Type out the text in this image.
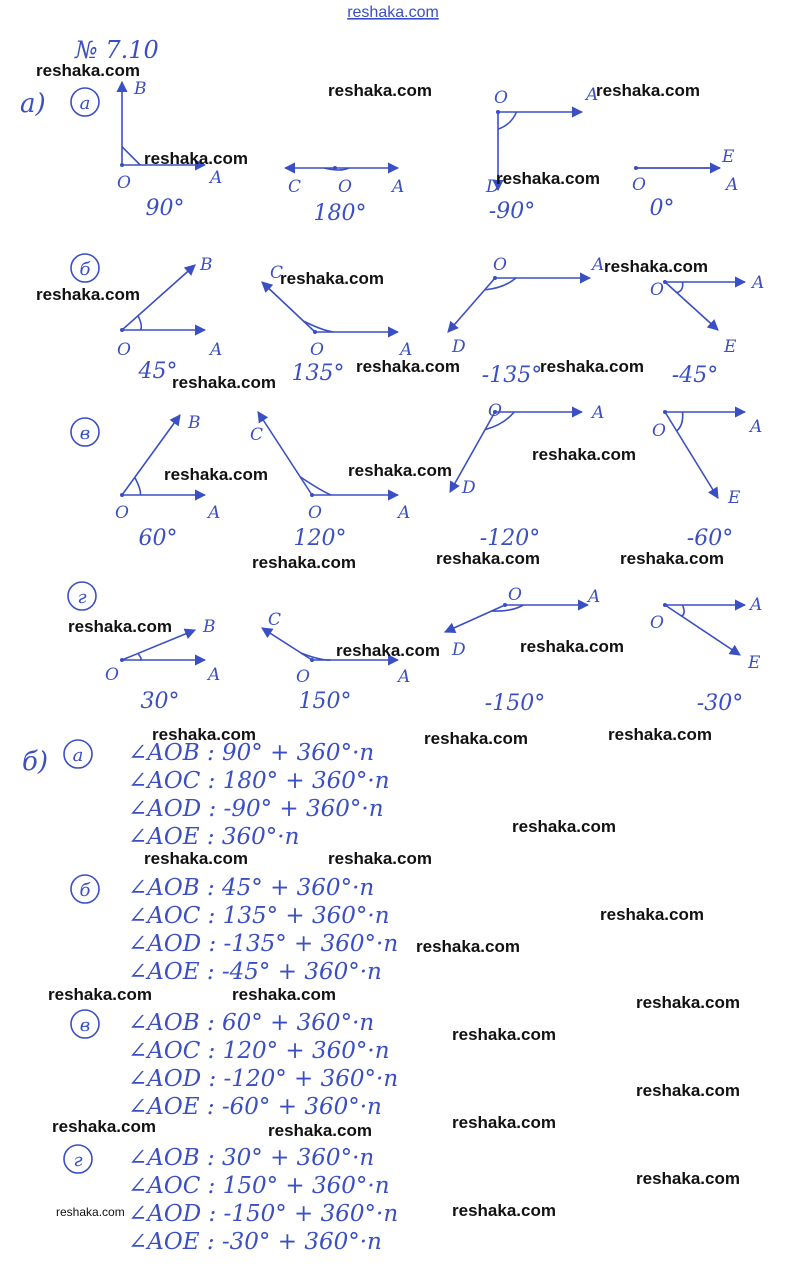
reshaka.com
№ 7.10
а)
б)
а
A
O
B
90°
A
O
C
180°
A
O
D
-90°
A
O
E
0°
б
A
O
B
45°
A
O
C
135°
A
O
D
-135°
A
O
E
-45°
в
A
O
B
60°
A
O
C
120°
A
O
D
-120°
A
O
E
-60°
г
A
O
B
30°
A
O
C
150°
A
O
D
-150°
A
O
E
-30°
а ∠AOB : 90° + 360°·n
∠AOC : 180° + 360°·n
∠AOD : -90° + 360°·n
∠AOE : 360°·n
б ∠AOB : 45° + 360°·n
∠AOC : 135° + 360°·n
∠AOD : -135° + 360°·n
∠AOE : -45° + 360°·n
в ∠AOB : 60° + 360°·n
∠AOC : 120° + 360°·n
∠AOD : -120° + 360°·n
∠AOE : -60° + 360°·n
г ∠AOB : 30° + 360°·n
∠AOC : 150° + 360°·n
∠AOD : -150° + 360°·n
∠AOE : -30° + 360°·n
reshaka.com
reshaka.com	reshaka.com
reshaka.com
reshaka.com
reshaka.com
reshaka.com
reshaka.com
reshaka.com
reshaka.com	reshaka.com
reshaka.com	reshaka.com
reshaka.com
reshaka.com	reshaka.com	reshaka.com
reshaka.com
reshaka.com	reshaka.com
reshaka.com	reshaka.com	reshaka.com
reshaka.com
reshaka.com	reshaka.com
reshaka.com
reshaka.com
reshaka.com	reshaka.com	reshaka.com
reshaka.com
reshaka.com
reshaka.com	reshaka.com	reshaka.com
reshaka.com
reshaka.com
reshaka.com
